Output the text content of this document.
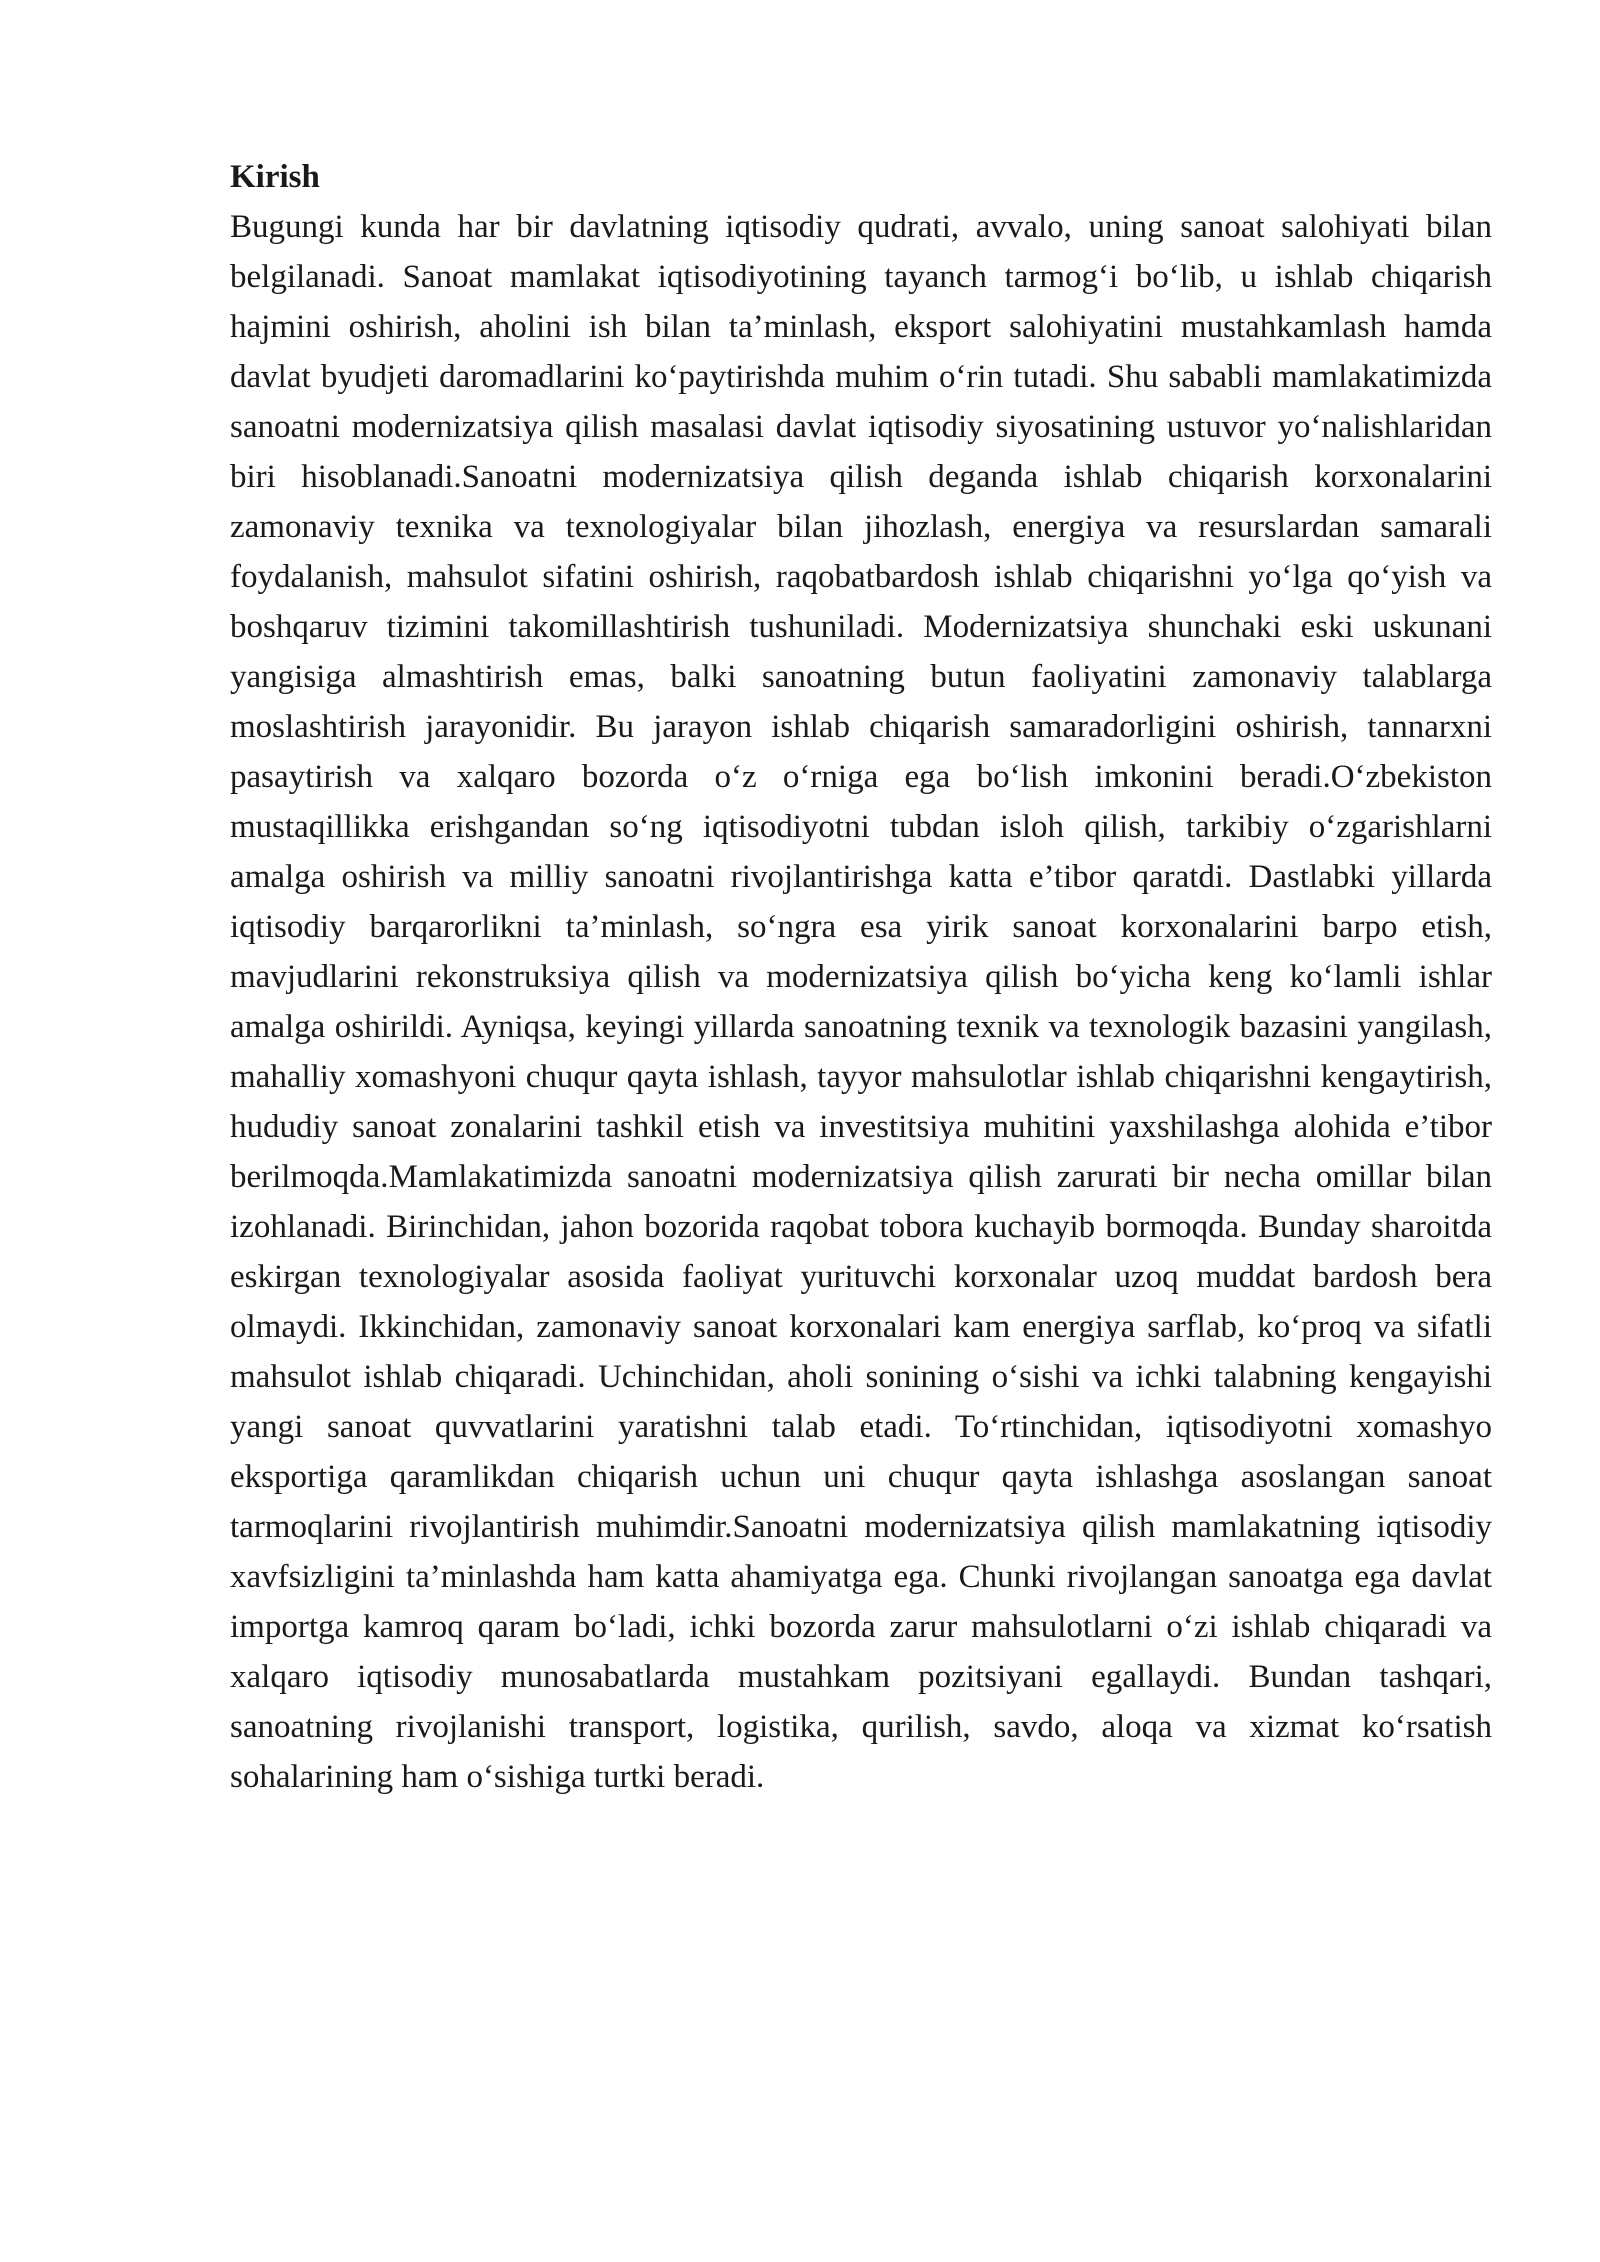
Kirish

Bugungi kunda har bir davlatning iqtisodiy qudrati, avvalo, uning sanoat salohiyati bilan belgilanadi. Sanoat mamlakat iqtisodiyotining tayanch tarmog‘i bo‘lib, u ishlab chiqarish hajmini oshirish, aholini ish bilan ta’minlash, eksport salohiyatini mustahkamlash hamda davlat byudjeti daromadlarini ko‘paytirishda muhim o‘rin tutadi. Shu sababli mamlakatimizda sanoatni modernizatsiya qilish masalasi davlat iqtisodiy siyosatining ustuvor yo‘nalishlaridan biri hisoblanadi.Sanoatni modernizatsiya qilish deganda ishlab chiqarish korxonalarini zamonaviy texnika va texnologiyalar bilan jihozlash, energiya va resurslardan samarali foydalanish, mahsulot sifatini oshirish, raqobatbardosh ishlab chiqarishni yo‘lga qo‘yish va boshqaruv tizimini takomillashtirish tushuniladi. Modernizatsiya shunchaki eski uskunani yangisiga almashtirish emas, balki sanoatning butun faoliyatini zamonaviy talablarga moslashtirish jarayonidir. Bu jarayon ishlab chiqarish samaradorligini oshirish, tannarxni pasaytirish va xalqaro bozorda o‘z o‘rniga ega bo‘lish imkonini beradi.O‘zbekiston mustaqillikka erishgandan so‘ng iqtisodiyotni tubdan isloh qilish, tarkibiy o‘zgarishlarni amalga oshirish va milliy sanoatni rivojlantirishga katta e’tibor qaratdi. Dastlabki yillarda iqtisodiy barqarorlikni ta’minlash, so‘ngra esa yirik sanoat korxonalarini barpo etish, mavjudlarini rekonstruksiya qilish va modernizatsiya qilish bo‘yicha keng ko‘lamli ishlar amalga oshirildi. Ayniqsa, keyingi yillarda sanoatning texnik va texnologik bazasini yangilash, mahalliy xomashyoni chuqur qayta ishlash, tayyor mahsulotlar ishlab chiqarishni kengaytirish, hududiy sanoat zonalarini tashkil etish va investitsiya muhitini yaxshilashga alohida e’tibor berilmoqda.Mamlakatimizda sanoatni modernizatsiya qilish zarurati bir necha omillar bilan izohlanadi. Birinchidan, jahon bozorida raqobat tobora kuchayib bormoqda. Bunday sharoitda eskirgan texnologiyalar asosida faoliyat yurituvchi korxonalar uzoq muddat bardosh bera olmaydi. Ikkinchidan, zamonaviy sanoat korxonalari kam energiya sarflab, ko‘proq va sifatli mahsulot ishlab chiqaradi. Uchinchidan, aholi sonining o‘sishi va ichki talabning kengayishi yangi sanoat quvvatlarini yaratishni talab etadi. To‘rtinchidan, iqtisodiyotni xomashyo eksportiga qaramlikdan chiqarish uchun uni chuqur qayta ishlashga asoslangan sanoat tarmoqlarini rivojlantirish muhimdir.Sanoatni modernizatsiya qilish mamlakatning iqtisodiy xavfsizligini ta’minlashda ham katta ahamiyatga ega. Chunki rivojlangan sanoatga ega davlat importga kamroq qaram bo‘ladi, ichki bozorda zarur mahsulotlarni o‘zi ishlab chiqaradi va xalqaro iqtisodiy munosabatlarda mustahkam pozitsiyani egallaydi. Bundan tashqari, sanoatning rivojlanishi transport, logistika, qurilish, savdo, aloqa va xizmat ko‘rsatish sohalarining ham o‘sishiga turtki beradi.
